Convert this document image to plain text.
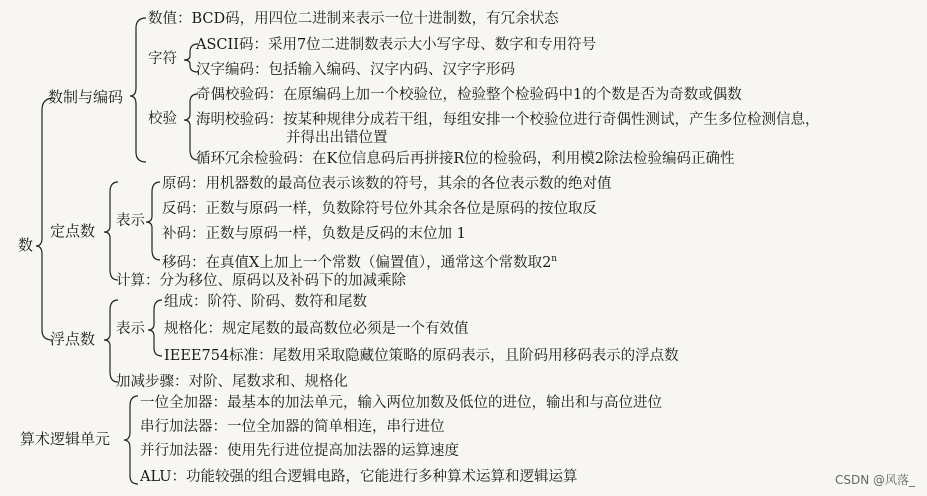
数
数制与编码
数值：BCD码，用四位二进制来表示一位十进制数，有冗余状态
字符
ASCII码：采用7位二进制数表示大小写字母、数字和专用符号
汉字编码：包括输入编码、汉字内码、汉字字形码
校验
奇偶校验码：在原编码上加一个校验位，检验整个检验码中1的个数是否为奇数或偶数
海明校验码：按某种规律分成若干组，每组安排一个校验位进行奇偶性测试，产生多位检测信息，
并得出出错位置
循环冗余检验码：在K位信息码后再拼接R位的检验码，利用模2除法检验编码正确性
定点数
表示
原码：用机器数的最高位表示该数的符号，其余的各位表示数的绝对值
反码：正数与原码一样，负数除符号位外其余各位是原码的按位取反
补码：正数与原码一样，负数是反码的末位加 1
移码：在真值X上加上一个常数（偏置值），通常这个常数取2$^n$
计算：分为移位、原码以及补码下的加减乘除
浮点数
表示
组成：阶符、阶码、数符和尾数
规格化：规定尾数的最高数位必须是一个有效值
IEEE754标准：尾数用采取隐藏位策略的原码表示，且阶码用移码表示的浮点数
加减步骤：对阶、尾数求和、规格化
算术逻辑单元
一位全加器：最基本的加法单元，输入两位加数及低位的进位，输出和与高位进位
串行加法器：一位全加器的简单相连，串行进位
并行加法器：使用先行进位提高加法器的运算速度
ALU：功能较强的组合逻辑电路，它能进行多种算术运算和逻辑运算	CSDN @风落_
